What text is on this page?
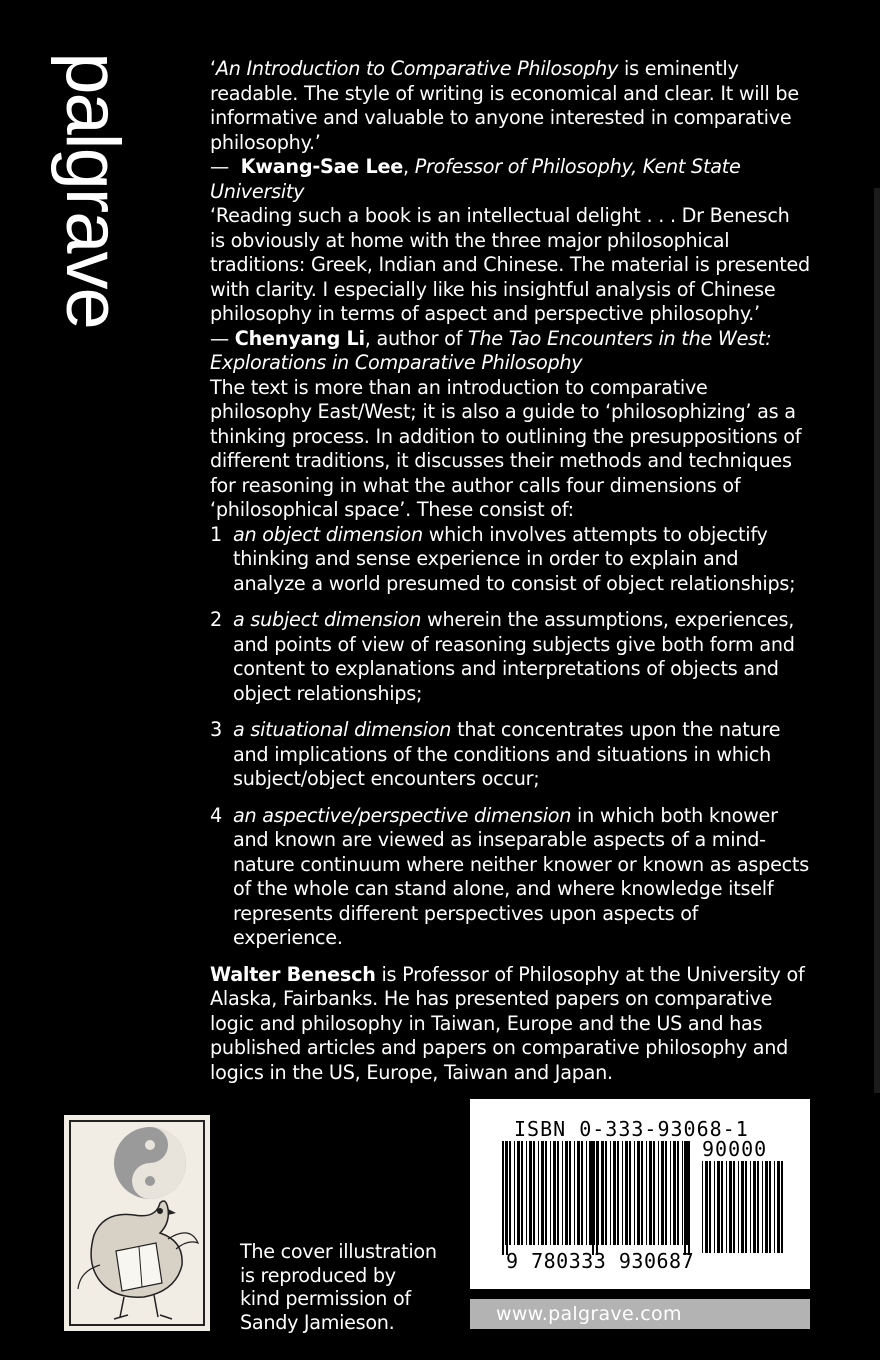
palgrave	‘An Introduction to Comparative Philosophy is eminently readable. The style of writing is economical and clear. It will be informative and valuable to anyone interested in comparative philosophy.’
—  Kwang-Sae Lee, Professor of Philosophy, Kent State University

‘Reading such a book is an intellectual delight . . . Dr Benesch is obviously at home with the three major philosophical traditions: Greek, Indian and Chinese. The material is presented with clarity. I especially like his insightful analysis of Chinese philosophy in terms of aspect and perspective philosophy.’
— Chenyang Li, author of The Tao Encounters in the West: Explorations in Comparative Philosophy

The text is more than an introduction to comparative philosophy East/West; it is also a guide to ‘philosophizing’ as a thinking process. In addition to outlining the presuppositions of different traditions, it discusses their methods and techniques for reasoning in what the author calls four dimensions of ‘philosophical space’. These consist of:

1 an object dimension which involves attempts to objectify thinking and sense experience in order to explain and analyze a world presumed to consist of object relationships;
2 a subject dimension wherein the assumptions, experiences, and points of view of reasoning subjects give both form and content to explanations and interpretations of objects and object relationships;
3 a situational dimension that concentrates upon the nature and implications of the conditions and situations in which subject/object encounters occur;
4 an aspective/perspective dimension in which both knower and known are viewed as inseparable aspects of a mind-nature continuum where neither knower or known as aspects of the whole can stand alone, and where knowledge itself represents different perspectives upon aspects of experience.

Walter Benesch is Professor of Philosophy at the University of Alaska, Fairbanks. He has presented papers on comparative logic and philosophy in Taiwan, Europe and the US and has published articles and papers on comparative philosophy and logics in the US, Europe, Taiwan and Japan.

The cover illustration is reproduced by kind permission of Sandy Jamieson.
ISBN 0-333-93068-1
90000
9 780333 930687
www.palgrave.com
